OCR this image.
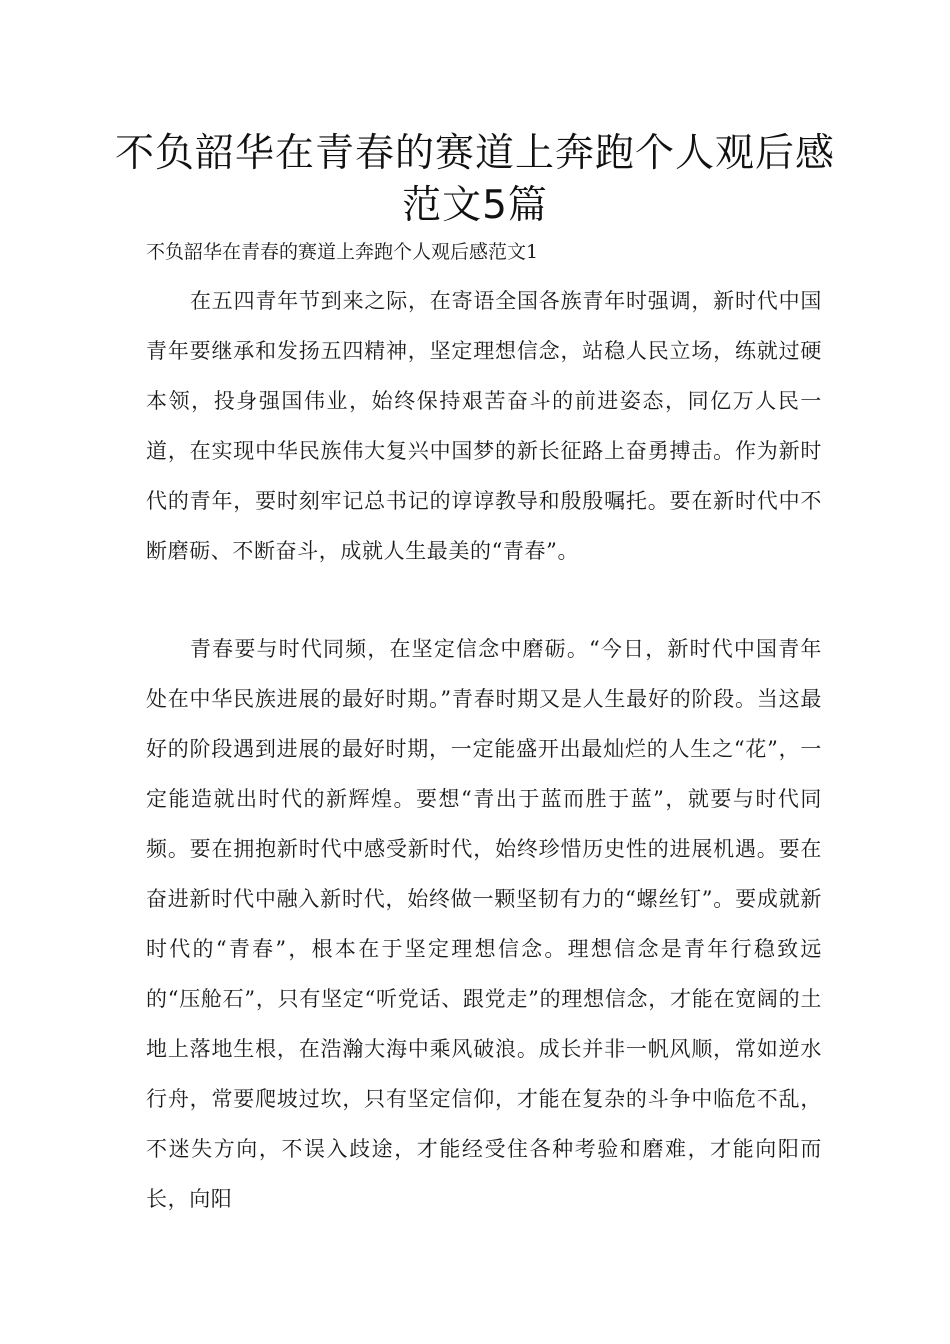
不负韶华在青春的赛道上奔跑个人观后感范文5篇

不负韶华在青春的赛道上奔跑个人观后感范文1

在五四青年节到来之际，在寄语全国各族青年时强调，新时代中国青年要继承和发扬五四精神，坚定理想信念，站稳人民立场，练就过硬本领，投身强国伟业，始终保持艰苦奋斗的前进姿态，同亿万人民一道，在实现中华民族伟大复兴中国梦的新长征路上奋勇搏击。作为新时代的青年，要时刻牢记总书记的谆谆教导和殷殷嘱托。要在新时代中不断磨砺、不断奋斗，成就人生最美的“青春”。

青春要与时代同频，在坚定信念中磨砺。“今日，新时代中国青年处在中华民族进展的最好时期。”青春时期又是人生最好的阶段。当这最好的阶段遇到进展的最好时期，一定能盛开出最灿烂的人生之“花”，一定能造就出时代的新辉煌。要想“青出于蓝而胜于蓝”，就要与时代同频。要在拥抱新时代中感受新时代，始终珍惜历史性的进展机遇。要在奋进新时代中融入新时代，始终做一颗坚韧有力的“螺丝钉”。要成就新时代的“青春”，根本在于坚定理想信念。理想信念是青年行稳致远的“压舱石”，只有坚定“听党话、跟党走”的理想信念，才能在宽阔的土地上落地生根，在浩瀚大海中乘风破浪。成长并非一帆风顺，常如逆水行舟，常要爬坡过坎，只有坚定信仰，才能在复杂的斗争中临危不乱，不迷失方向，不误入歧途，才能经受住各种考验和磨难，才能向阳而长，向阳
